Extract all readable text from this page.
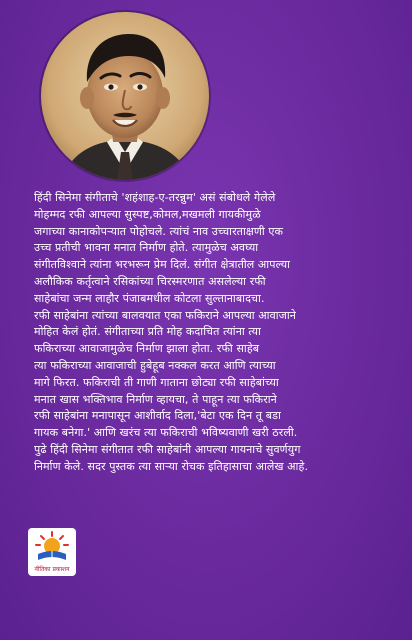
हिंदी सिनेमा संगीताचे 'शहंशाह-ए-तरन्नुम' असं संबोधले गेलेले
मोहम्मद रफी आपल्या सुस्पष्ट,कोमल,मखमली गायकीमुळे
जगाच्या कानाकोपऱ्यात पोहोचले. त्यांचं नाव उच्चारताक्षणी एक
उच्च प्रतीची भावना मनात निर्माण होते. त्यामुळेच अवघ्या
संगीतविश्वाने त्यांना भरभरून प्रेम दिलं. संगीत क्षेत्रातील आपल्या
अलौकिक कर्तृत्वाने रसिकांच्या चिरस्मरणात असलेल्या रफी
साहेबांचा जन्म लाहौर पंजाबमधील कोटला सुल्तानाबादचा.
रफी साहेबांना त्यांच्या बालवयात एका फकिराने आपल्या आवाजाने
मोहित केलं होतं. संगीताच्या प्रति मोह कदाचित त्यांना त्या
फकिराच्या आवाजामुळेच निर्माण झाला होता. रफी साहेब
त्या फकिराच्या आवाजाची हुबेहूब नक्कल करत आणि त्याच्या
मागे फिरत. फकिराची ती गाणी गाताना छोट्या रफी साहेबांच्या
मनात खास भक्तिभाव निर्माण व्हायचा, ते पाहून त्या फकिराने
रफी साहेबांना मनापासून आशीर्वाद दिला,'बेटा एक दिन तू बडा
गायक बनेगा.' आणि खरंच त्या फकिराची भविष्यवाणी खरी ठरली.
पुढे हिंदी सिनेमा संगीतात रफी साहेबांनी आपल्या गायनाचे सुवर्णयुग
निर्माण केले. सदर पुस्तक त्या साऱ्या रोचक इतिहासाचा आलेख आहे.

नीतिका प्रकाशन
